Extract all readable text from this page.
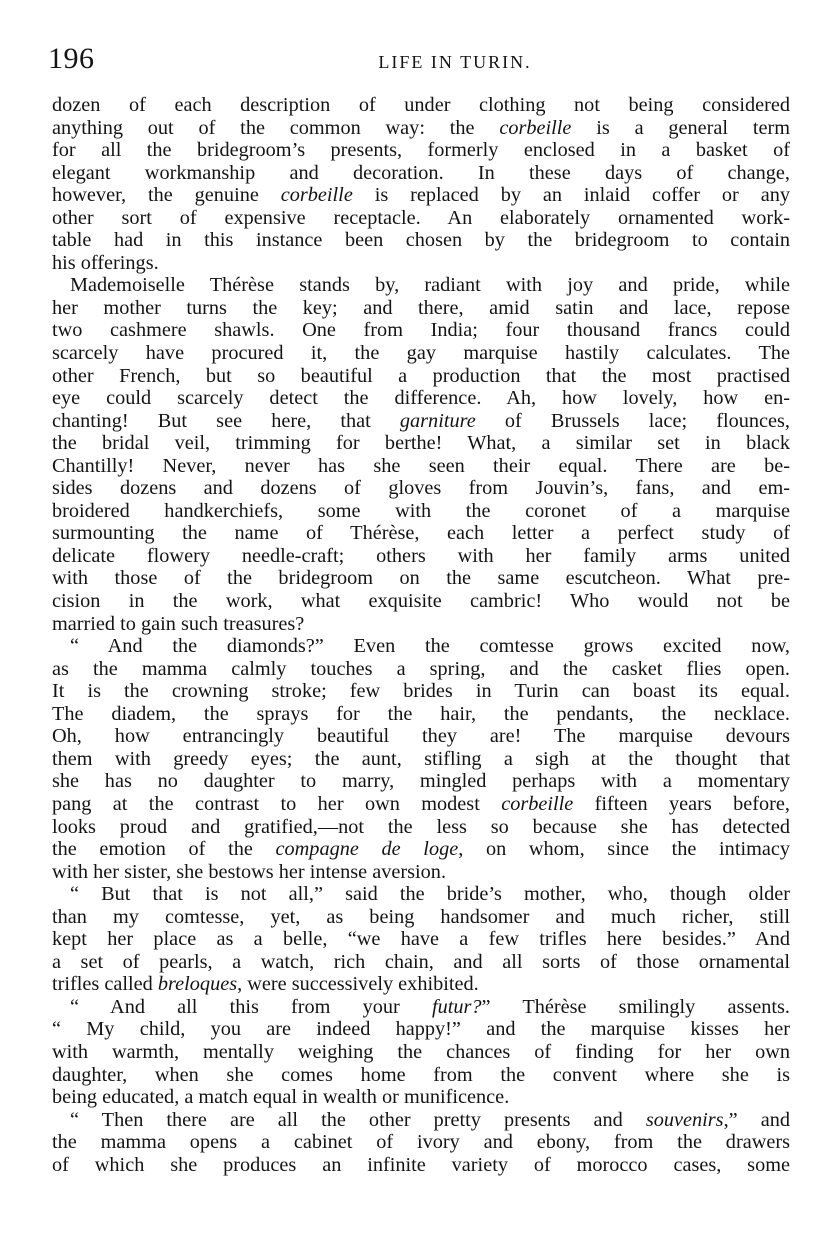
196	LIFE IN TURIN.
dozen of each description of under clothing not being considered
anything out of the common way: the corbeille is a general term
for all the bridegroom’s presents, formerly enclosed in a basket of
elegant workmanship and decoration. In these days of change,
however, the genuine corbeille is replaced by an inlaid coffer or any
other sort of expensive receptacle. An elaborately ornamented work-
table had in this instance been chosen by the bridegroom to contain
his offerings.
Mademoiselle Thérèse stands by, radiant with joy and pride, while
her mother turns the key; and there, amid satin and lace, repose
two cashmere shawls. One from India; four thousand francs could
scarcely have procured it, the gay marquise hastily calculates. The
other French, but so beautiful a production that the most practised
eye could scarcely detect the difference. Ah, how lovely, how en-
chanting! But see here, that garniture of Brussels lace; flounces,
the bridal veil, trimming for berthe! What, a similar set in black
Chantilly! Never, never has she seen their equal. There are be-
sides dozens and dozens of gloves from Jouvin’s, fans, and em-
broidered handkerchiefs, some with the coronet of a marquise
surmounting the name of Thérèse, each letter a perfect study of
delicate flowery needle-craft; others with her family arms united
with those of the bridegroom on the same escutcheon. What pre-
cision in the work, what exquisite cambric! Who would not be
married to gain such treasures?
“ And the diamonds?” Even the comtesse grows excited now,
as the mamma calmly touches a spring, and the casket flies open.
It is the crowning stroke; few brides in Turin can boast its equal.
The diadem, the sprays for the hair, the pendants, the necklace.
Oh, how entrancingly beautiful they are! The marquise devours
them with greedy eyes; the aunt, stifling a sigh at the thought that
she has no daughter to marry, mingled perhaps with a momentary
pang at the contrast to her own modest corbeille fifteen years before,
looks proud and gratified,—not the less so because she has detected
the emotion of the compagne de loge, on whom, since the intimacy
with her sister, she bestows her intense aversion.
“ But that is not all,” said the bride’s mother, who, though older
than my comtesse, yet, as being handsomer and much richer, still
kept her place as a belle, “we have a few trifles here besides.” And
a set of pearls, a watch, rich chain, and all sorts of those ornamental
trifles called breloques, were successively exhibited.
“ And all this from your futur?” Thérèse smilingly assents.
“ My child, you are indeed happy!” and the marquise kisses her
with warmth, mentally weighing the chances of finding for her own
daughter, when she comes home from the convent where she is
being educated, a match equal in wealth or munificence.
“ Then there are all the other pretty presents and souvenirs,” and
the mamma opens a cabinet of ivory and ebony, from the drawers
of which she produces an infinite variety of morocco cases, some
